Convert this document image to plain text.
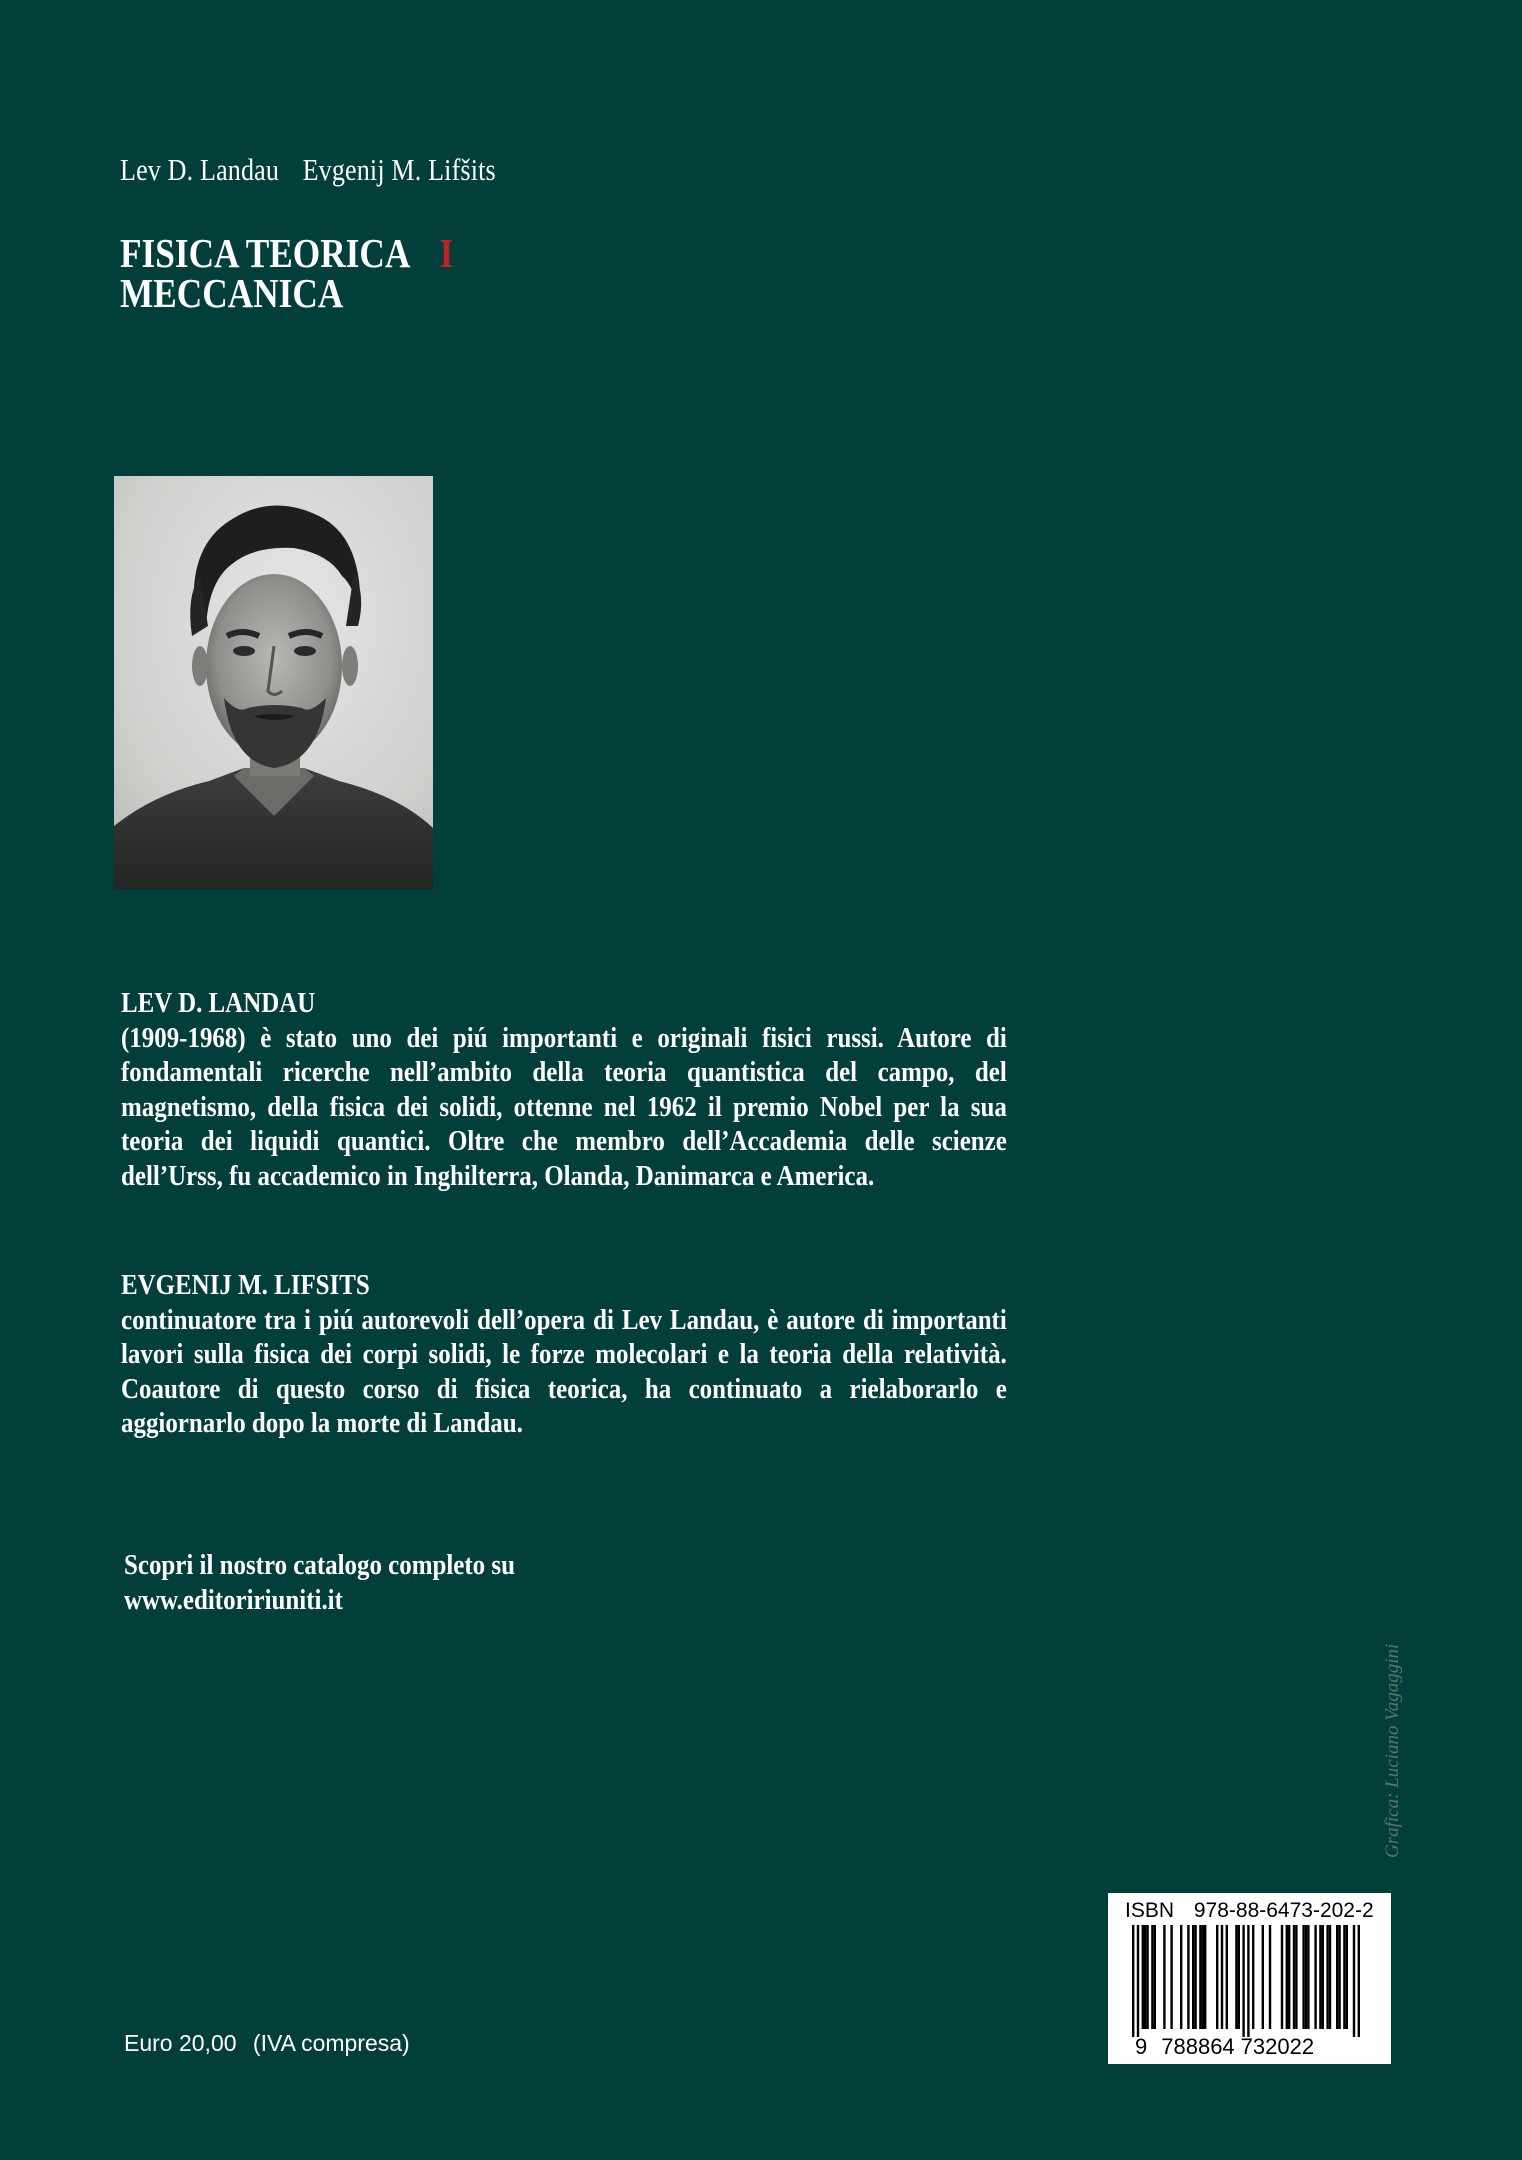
Lev D. Landau Evgenij M. Lifšits
FISICA TEORICA I
MECCANICA
LEV D. LANDAU

(1909-1968) è stato uno dei piú importanti e originali fisici russi. Autore di fondamentali ricerche nell’ambito della teoria quantistica del campo, del magnetismo, della fisica dei solidi, ottenne nel 1962 il premio Nobel per la sua teoria dei liquidi quantici. Oltre che membro dell’Accademia delle scienze dell’Urss, fu accademico in Inghilterra, Olanda, Danimarca e America.

EVGENIJ M. LIFSITS

continuatore tra i piú autorevoli dell’opera di Lev Landau, è autore di importanti lavori sulla fisica dei corpi solidi, le forze molecolari e la teoria della relatività. Coautore di questo corso di fisica teorica, ha continuato a rielaborarlo e aggiornarlo dopo la morte di Landau.

Scopri il nostro catalogo completo su
www.editoririuniti.it
Grafica: Luciano Vagaggini
Euro 20,00 (IVA compresa)
ISBN 978-88-6473-202-2
9 788864 732022
